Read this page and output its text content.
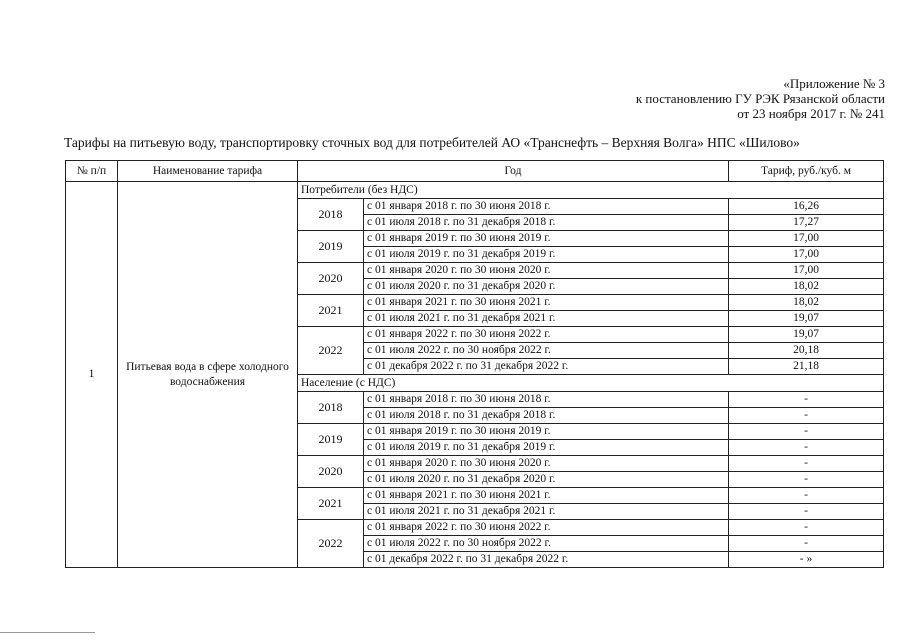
«Приложение № 3
к постановлению ГУ РЭК Рязанской области
от 23 ноября 2017 г. № 241
Тарифы на питьевую воду, транспортировку сточных вод для потребителей АО «Транснефть – Верхняя Волга» НПС «Шилово»
№ п/п	Наименование тарифа	Год		Тариф, руб./куб. м
1	Питьевая вода в сфере холодного водоснабжения	Потребители (без НДС)		
		2018	с 01 января 2018 г. по 30 июня 2018 г.	16,26
			с 01 июля 2018 г. по 31 декабря 2018 г.	17,27
		2019	с 01 января 2019 г. по 30 июня 2019 г.	17,00
			с 01 июля 2019 г. по 31 декабря 2019 г.	17,00
		2020	с 01 января 2020 г. по 30 июня 2020 г.	17,00
			с 01 июля 2020 г. по 31 декабря 2020 г.	18,02
		2021	с 01 января 2021 г. по 30 июня 2021 г.	18,02
			с 01 июля 2021 г. по 31 декабря 2021 г.	19,07
		2022	с 01 января 2022 г. по 30 июня 2022 г.	19,07
			с 01 июля 2022 г. по 30 ноября 2022 г.	20,18
			с 01 декабря 2022 г. по 31 декабря 2022 г.	21,18
		Население (с НДС)		
		2018	с 01 января 2018 г. по 30 июня 2018 г.	-
			с 01 июля 2018 г. по 31 декабря 2018 г.	-
		2019	с 01 января 2019 г. по 30 июня 2019 г.	-
			с 01 июля 2019 г. по 31 декабря 2019 г.	-
		2020	с 01 января 2020 г. по 30 июня 2020 г.	-
			с 01 июля 2020 г. по 31 декабря 2020 г.	-
		2021	с 01 января 2021 г. по 30 июня 2021 г.	-
			с 01 июля 2021 г. по 31 декабря 2021 г.	-
		2022	с 01 января 2022 г. по 30 июня 2022 г.	-
			с 01 июля 2022 г. по 30 ноября 2022 г.	-
			с 01 декабря 2022 г. по 31 декабря 2022 г.	- »
